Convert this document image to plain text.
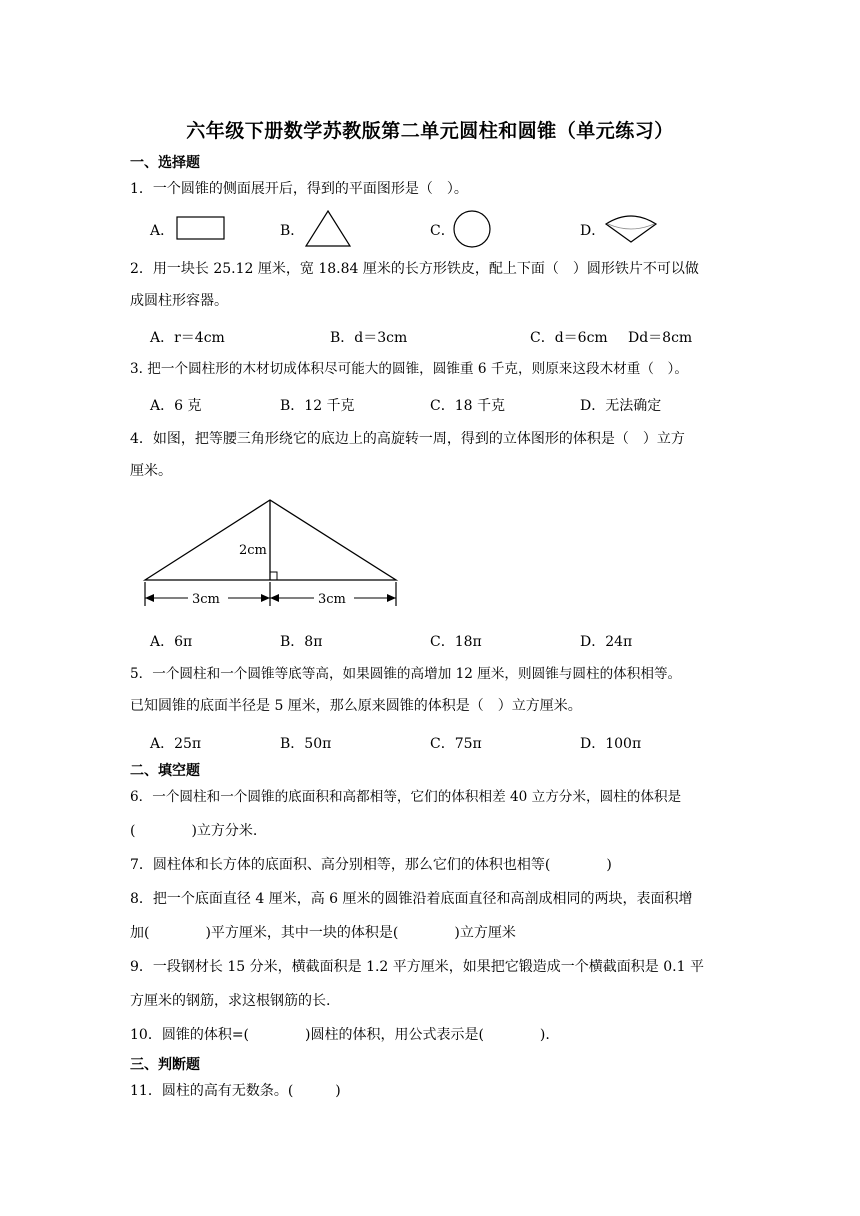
六年级下册数学苏教版第二单元圆柱和圆锥（单元练习）
一、选择题
1．一个圆锥的侧面展开后，得到的平面图形是（　）。
A．	B．	C．	D．
2．用一块长 25.12 厘米，宽 18.84 厘米的长方形铁皮，配上下面（　）圆形铁片不可以做
成圆柱形容器。
A．r＝4cm	B．d＝3cm	C．d＝6cm Dd＝8cm
3. 把一个圆柱形的木材切成体积尽可能大的圆锥，圆锥重 6 千克，则原来这段木材重（　）。
A．6 克	B．12 千克	C．18 千克	D．无法确定
4．如图，把等腰三角形绕它的底边上的高旋转一周，得到的立体图形的体积是（　）立方
厘米。
2cm
3cm	3cm
A．6π	B．8π	C．18π	D．24π
5．一个圆柱和一个圆锥等底等高，如果圆锥的高增加 12 厘米，则圆锥与圆柱的体积相等。
已知圆锥的底面半径是 5 厘米，那么原来圆锥的体积是（　）立方厘米。
A．25π	B．50π	C．75π	D．100π
二、填空题
6．一个圆柱和一个圆锥的底面积和高都相等，它们的体积相差 40 立方分米，圆柱的体积是
(　　　　)立方分米.
7．圆柱体和长方体的底面积、高分别相等，那么它们的体积也相等(　　　　)
8．把一个底面直径 4 厘米，高 6 厘米的圆锥沿着底面直径和高剖成相同的两块，表面积增
加(　　　　)平方厘米，其中一块的体积是(　　　　)立方厘米
9．一段钢材长 15 分米，横截面积是 1.2 平方厘米，如果把它锻造成一个横截面积是 0.1 平
方厘米的钢筋，求这根钢筋的长.
10．圆锥的体积=(　　　　)圆柱的体积，用公式表示是(　　　　).
三、判断题
11．圆柱的高有无数条。(　　　)
